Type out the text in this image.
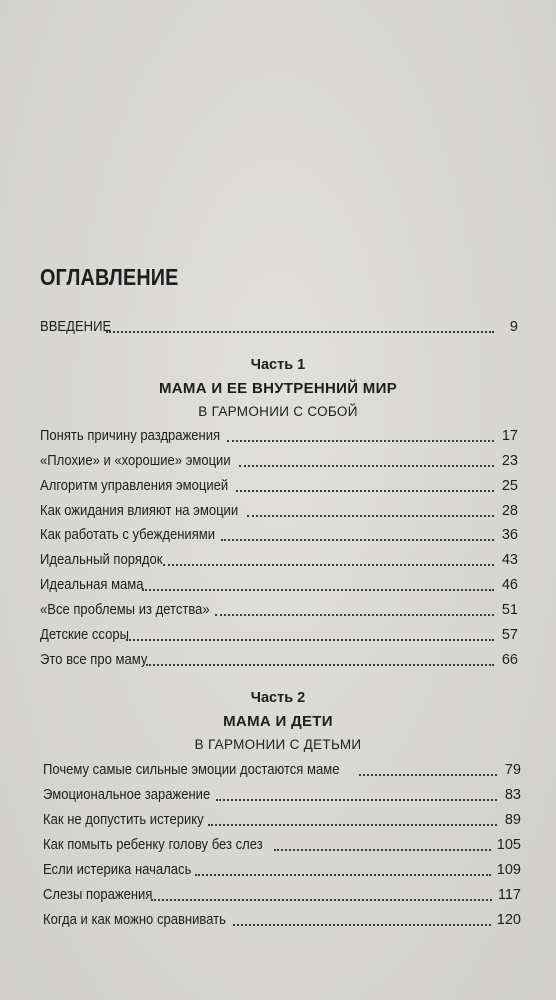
ОГЛАВЛЕНИЕ
ВВЕДЕНИЕ	9
Часть 1
МАМА И ЕЕ ВНУТРЕННИЙ МИР
В ГАРМОНИИ С СОБОЙ
Понять причину раздражения	17
«Плохие» и «хорошие» эмоции	23
Алгоритм управления эмоцией	25
Как ожидания влияют на эмоции	28
Как работать с убеждениями	36
Идеальный порядок	43
Идеальная мама	46
«Все проблемы из детства»	51
Детские ссоры	57
Это все про маму	66
Часть 2
МАМА И ДЕТИ
В ГАРМОНИИ С ДЕТЬМИ
Почему самые сильные эмоции достаются маме	79
Эмоциональное заражение	83
Как не допустить истерику	89
Как помыть ребенку голову без слез	105
Если истерика началась	109
Слезы поражения	117
Когда и как можно сравнивать	120
